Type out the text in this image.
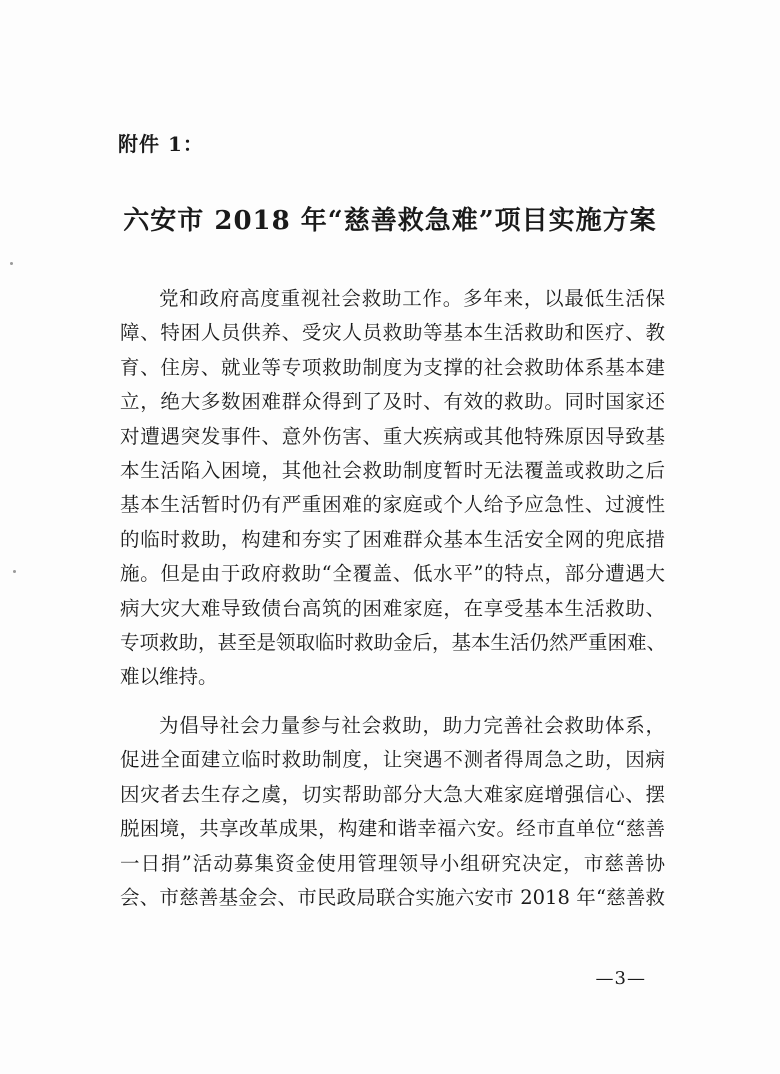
附件 1：
六安市 2018 年“慈善救急难”项目实施方案
党和政府高度重视社会救助工作。多年来，以最低生活保
障、特困人员供养、受灾人员救助等基本生活救助和医疗、教
育、住房、就业等专项救助制度为支撑的社会救助体系基本建
立，绝大多数困难群众得到了及时、有效的救助。同时国家还
对遭遇突发事件、意外伤害、重大疾病或其他特殊原因导致基
本生活陷入困境，其他社会救助制度暂时无法覆盖或救助之后
基本生活暂时仍有严重困难的家庭或个人给予应急性、过渡性
的临时救助，构建和夯实了困难群众基本生活安全网的兜底措
施。但是由于政府救助“全覆盖、低水平”的特点，部分遭遇大
病大灾大难导致债台高筑的困难家庭，在享受基本生活救助、
专项救助，甚至是领取临时救助金后，基本生活仍然严重困难、
难以维持。
为倡导社会力量参与社会救助，助力完善社会救助体系，
促进全面建立临时救助制度，让突遇不测者得周急之助，因病
因灾者去生存之虞，切实帮助部分大急大难家庭增强信心、摆
脱困境，共享改革成果，构建和谐幸福六安。经市直单位“慈善
一日捐”活动募集资金使用管理领导小组研究决定，市慈善协
会、市慈善基金会、市民政局联合实施六安市 2018 年“慈善救
—3—
